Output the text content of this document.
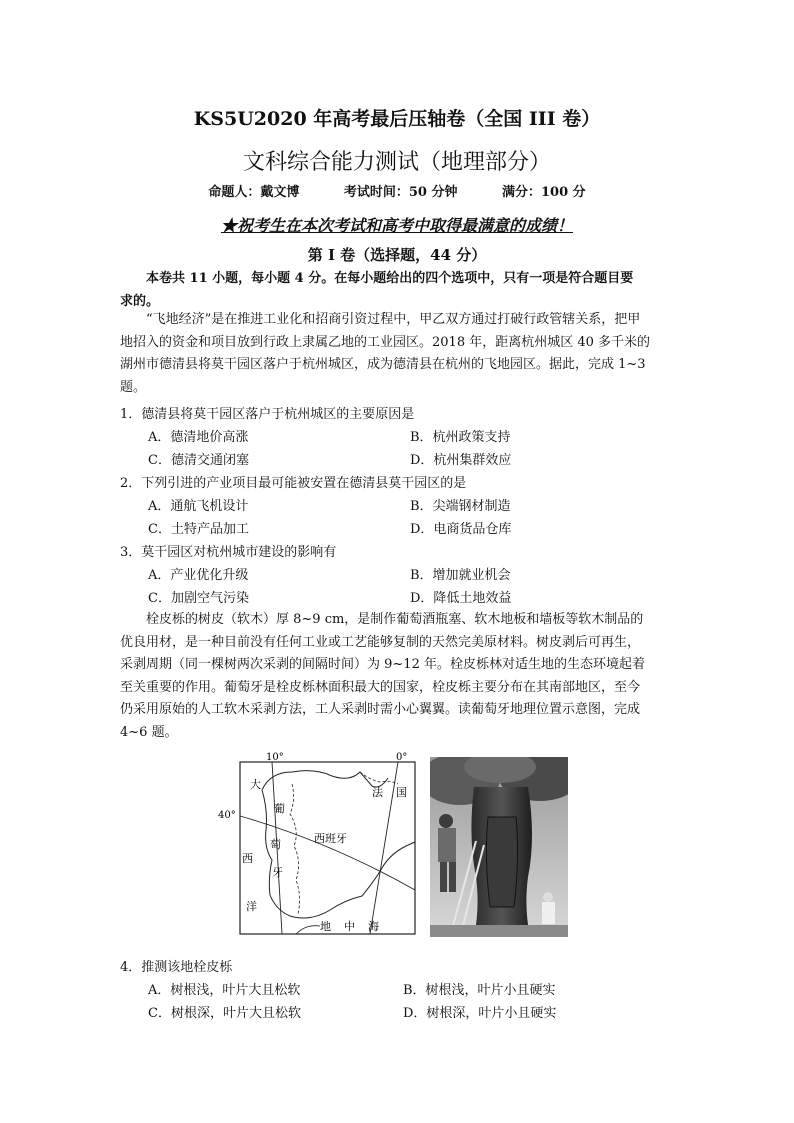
KS5U2020 年高考最后压轴卷（全国 III 卷）
文科综合能力测试（地理部分）
命题人：戴文博	考试时间：50 分钟	满分：100 分
★祝考生在本次考试和高考中取得最满意的成绩！
第 I 卷（选择题，44 分）
本卷共 11 小题，每小题 4 分。在每小题给出的四个选项中，只有一项是符合题目要
求的。
“飞地经济”是在推进工业化和招商引资过程中，甲乙双方通过打破行政管辖关系，把甲
地招入的资金和项目放到行政上隶属乙地的工业园区。2018 年，距离杭州城区 40 多千米的
湖州市德清县将莫干园区落户于杭州城区，成为德清县在杭州的飞地园区。据此，完成 1~3
题。
1．德清县将莫干园区落户于杭州城区的主要原因是
A．德清地价高涨	B．杭州政策支持
C．德清交通闭塞	D．杭州集群效应
2．下列引进的产业项目最可能被安置在德清县莫干园区的是
A．通航飞机设计	B．尖端钢材制造
C．土特产品加工	D．电商货品仓库
3．莫干园区对杭州城市建设的影响有
A．产业优化升级	B．增加就业机会
C．加剧空气污染	D．降低土地效益
栓皮栎的树皮（软木）厚 8~9 cm，是制作葡萄酒瓶塞、软木地板和墙板等软木制品的
优良用材，是一种目前没有任何工业或工艺能够复制的天然完美原材料。树皮剥后可再生，
采剥周期（同一棵树两次采剥的间隔时间）为 9~12 年。栓皮栎林对适生地的生态环境起着
至关重要的作用。葡萄牙是栓皮栎林面积最大的国家，栓皮栎主要分布在其南部地区，至今
仍采用原始的人工软木采剥方法，工人采剥时需小心翼翼。读葡萄牙地理位置示意图，完成
4~6 题。
10°	0°
40°
大
西
洋
葡
萄
牙
西班牙
法 国
地 中 海
4．推测该地栓皮栎
A．树根浅，叶片大且松软	B．树根浅，叶片小且硬实
C．树根深，叶片大且松软	D．树根深，叶片小且硬实
